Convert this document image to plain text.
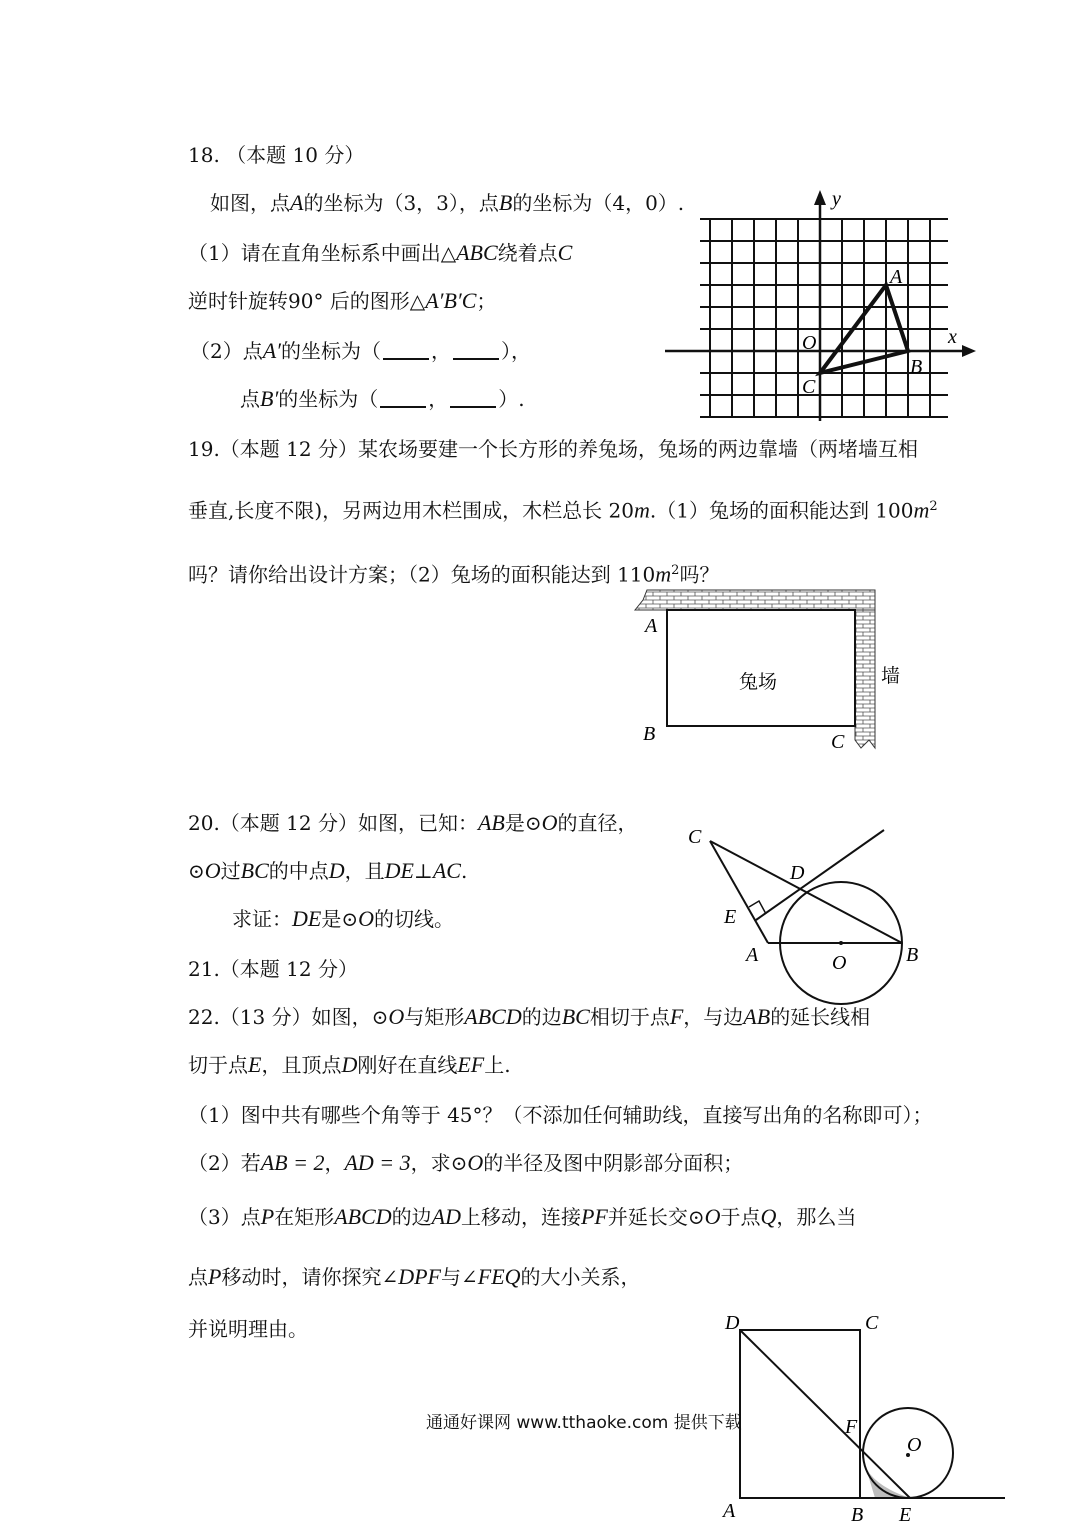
18. （本题 10 分）
如图，点A的坐标为（3，3），点B的坐标为（4，0）.
（1）请在直角坐标系中画出△ABC绕着点C
逆时针旋转90° 后的图形△A′B′C；
（2）点A′的坐标为（	，	），
点B′的坐标为（	，	）.
y
x
O
A
B
C
19.（本题 12 分）某农场要建一个长方形的养兔场，兔场的两边靠墙（两堵墙互相
垂直,长度不限)，另两边用木栏围成，木栏总长 20m.（1）兔场的面积能达到 $100m^2$
吗？请你给出设计方案；（2）兔场的面积能达到 $110m^2$吗？
A
B	C
兔场	墙
20.（本题 12 分）如图，已知：AB是⊙O的直径，
⊙O过BC的中点D，且DE⊥AC.
求证：DE是⊙O的切线。
21.（本题 12 分）
C
D
E
A	O	B
22.（13 分）如图，⊙O与矩形ABCD的边BC相切于点F，与边AB的延长线相
切于点E，且顶点D刚好在直线EF上.
（1）图中共有哪些个角等于 45°？（不添加任何辅助线，直接写出角的名称即可）；
（2）若AB = 2，AD = 3，求⊙O的半径及图中阴影部分面积；
（3）点P在矩形ABCD的边AD上移动，连接PF并延长交⊙O于点Q，那么当
点P移动时，请你探究∠DPF与∠FEQ的大小关系，
并说明理由。	D	C
F
O
A	B E
通通好课网 www.tthaoke.com 提供下载
